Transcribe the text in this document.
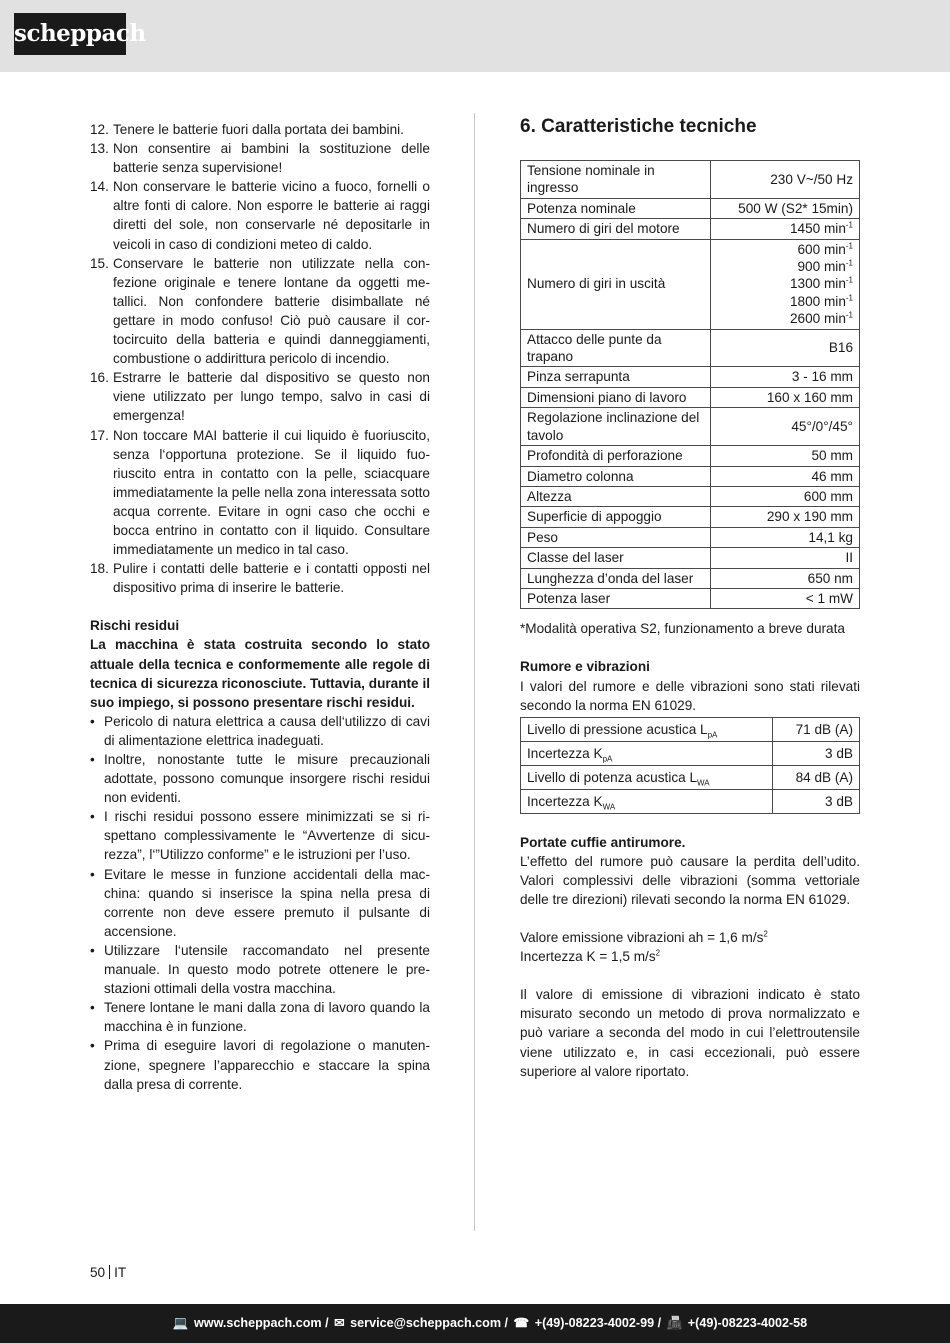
scheppach
12. Tenere le batterie fuori dalla portata dei bambini.
13. Non consentire ai bambini la sostituzione delle batterie senza supervisione!
14. Non conservare le batterie vicino a fuoco, fornelli o altre fonti di calore. Non esporre le batterie ai raggi diretti del sole, non conservarle né depositarle in veicoli in caso di condizioni meteo di caldo.
15. Conservare le batterie non utilizzate nella confezione originale e tenere lontane da oggetti metallici. Non confondere batterie disimballate né gettare in modo confuso! Ciò può causare il cortocircuito della batteria e quindi danneggiamenti, combustione o addirittura pericolo di incendio.
16. Estrarre le batterie dal dispositivo se questo non viene utilizzato per lungo tempo, salvo in casi di emergenza!
17. Non toccare MAI batterie il cui liquido è fuoriuscito, senza l‘opportuna protezione. Se il liquido fuoriuscito entra in contatto con la pelle, sciacquare immediatamente la pelle nella zona interessata sotto acqua corrente. Evitare in ogni caso che occhi e bocca entrino in contatto con il liquido. Consultare immediatamente un medico in tal caso.
18. Pulire i contatti delle batterie e i contatti opposti nel dispositivo prima di inserire le batterie.
Rischi residui
La macchina è stata costruita secondo lo stato attuale della tecnica e conformemente alle regole di tecnica di sicurezza riconosciute. Tuttavia, durante il suo impiego, si possono presentare rischi residui.
• Pericolo di natura elettrica a causa dell‘utilizzo di cavi di alimentazione elettrica inadeguati.
• Inoltre, nonostante tutte le misure precauzionali adottate, possono comunque insorgere rischi residui non evidenti.
• I rischi residui possono essere minimizzati se si rispettano complessivamente le “Avvertenze di sicurezza”, l‘”Utilizzo conforme” e le istruzioni per l’uso.
• Evitare le messe in funzione accidentali della macchina: quando si inserisce la spina nella presa di corrente non deve essere premuto il pulsante di accensione.
• Utilizzare l‘utensile raccomandato nel presente manuale. In questo modo potrete ottenere le prestazioni ottimali della vostra macchina.
• Tenere lontane le mani dalla zona di lavoro quando la macchina è in funzione.
• Prima di eseguire lavori di regolazione o manutenzione, spegnere l’apparecchio e staccare la spina dalla presa di corrente.
6. Caratteristiche tecniche
Tensione nominale in ingresso	230 V~/50 Hz
Potenza nominale	500 W (S2* 15min)
Numero di giri del motore	1450 $\min^{-1}$
Numero di giri in uscità	600 $\min^{-1}$
900 $\min^{-1}$
1300 $\min^{-1}$
1800 $\min^{-1}$
2600 $\min^{-1}$

Attacco delle punte da trapano	B16
Pinza serrapunta	3 - 16 mm
Dimensioni piano di lavoro	160 x 160 mm
Regolazione inclinazione del tavolo	45°/0°/45°
Profondità di perforazione	50 mm
Diametro colonna	46 mm
Altezza	600 mm
Superficie di appoggio	290 x 190 mm
Peso	14,1 kg
Classe del laser	II
Lunghezza d’onda del laser	650 nm
Potenza laser	< 1 mW
*Modalità operativa S2, funzionamento a breve durata
Rumore e vibrazioni
I valori del rumore e delle vibrazioni sono stati rilevati secondo la norma EN 61029.
Livello di pressione acustica $L_{pA}$	71 dB (A)
Incertezza $K_{pA}$	3 dB
Livello di potenza acustica $L_{WA}$	84 dB (A)
Incertezza $K_{WA}$	3 dB
Portate cuffie antirumore.
L’effetto del rumore può causare la perdita dell’udito. Valori complessivi delle vibrazioni (somma vettoriale delle tre direzioni) rilevati secondo la norma EN 61029.
Valore emissione vibrazioni ah = 1,6 $m/s^2$
Incertezza K = 1,5 $m/s^2$
Il valore di emissione di vibrazioni indicato è stato misurato secondo un metodo di prova normalizzato e può variare a seconda del modo in cui l’elettroutensile viene utilizzato e, in casi eccezionali, può essere superiore al valore riportato.
50 IT
💻 www.scheppach.com / ✉ service@scheppach.com / ☎ +(49)-08223-4002-99 / 📠 +(49)-08223-4002-58
